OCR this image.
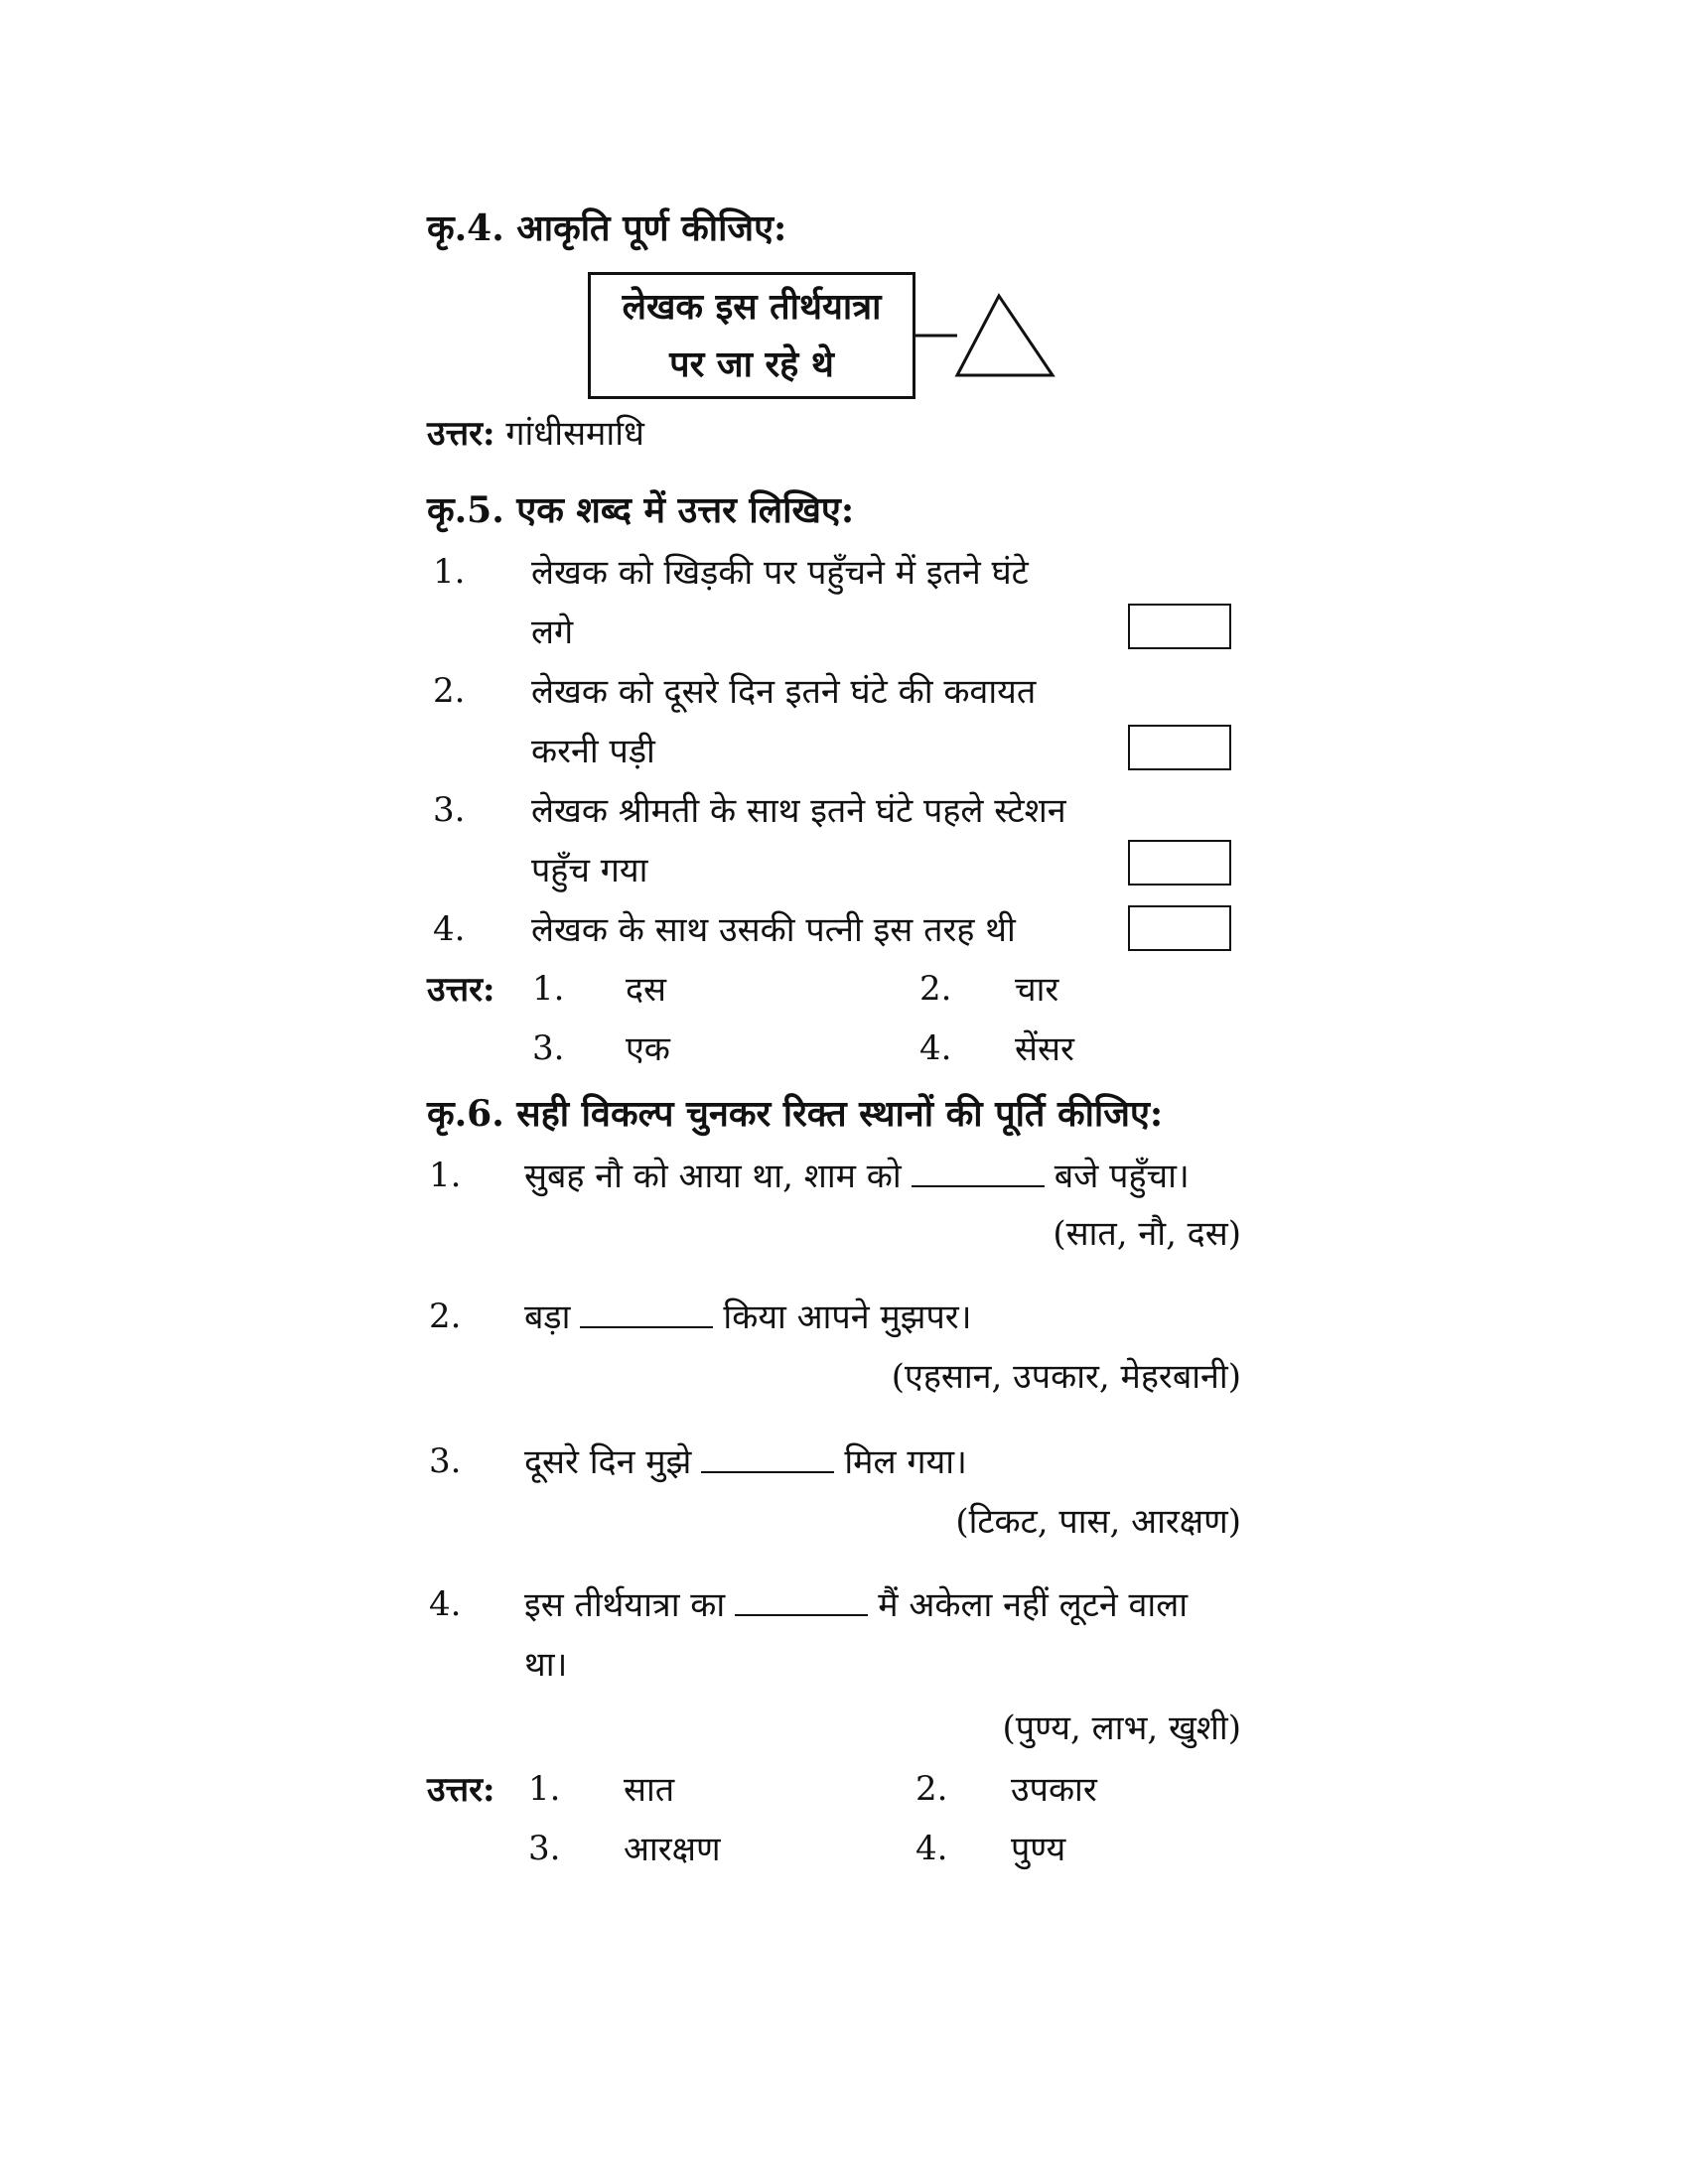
कृ.4. आकृति पूर्ण कीजिए:
लेखक इस तीर्थयात्रा
पर जा रहे थे
उत्तर: गांधीसमाधि
कृ.5. एक शब्द में उत्तर लिखिए:
1. लेखक को खिड़की पर पहुँचने में इतने घंटे
लगे
2. लेखक को दूसरे दिन इतने घंटे की कवायत
करनी पड़ी
3. लेखक श्रीमती के साथ इतने घंटे पहले स्टेशन
पहुँच गया
4. लेखक के साथ उसकी पत्नी इस तरह थी
उत्तर: 1. दस	2. चार
3. एक	4. सेंसर
कृ.6. सही विकल्प चुनकर रिक्त स्थानों की पूर्ति कीजिए:
1. सुबह नौ को आया था, शाम को	बजे पहुँचा।
(सात, नौ, दस)
2. बड़ा	किया आपने मुझपर।
(एहसान, उपकार, मेहरबानी)
3. दूसरे दिन मुझे	मिल गया।
(टिकट, पास, आरक्षण)
4. इस तीर्थयात्रा का	मैं अकेला नहीं लूटने वाला
था।
(पुण्य, लाभ, खुशी)
उत्तर: 1. सात	2. उपकार
3. आरक्षण	4. पुण्य
